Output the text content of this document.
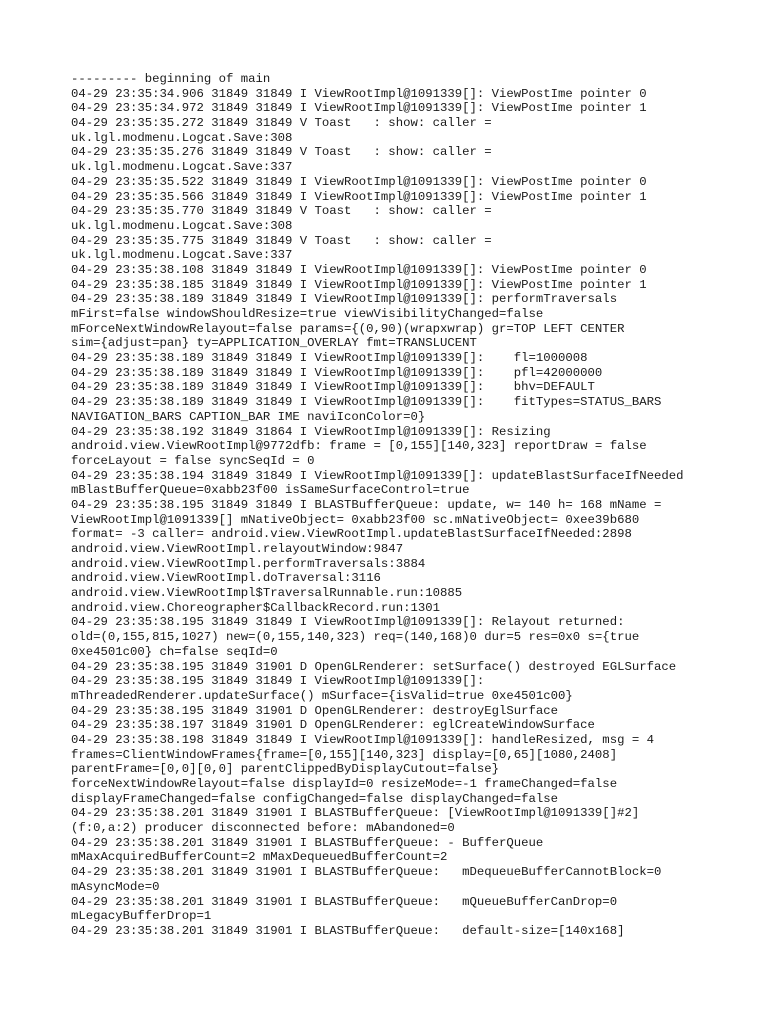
--------- beginning of main
04-29 23:35:34.906 31849 31849 I ViewRootImpl@1091339[]: ViewPostIme pointer 0
04-29 23:35:34.972 31849 31849 I ViewRootImpl@1091339[]: ViewPostIme pointer 1
04-29 23:35:35.272 31849 31849 V Toast   : show: caller =
uk.lgl.modmenu.Logcat.Save:308
04-29 23:35:35.276 31849 31849 V Toast   : show: caller =
uk.lgl.modmenu.Logcat.Save:337
04-29 23:35:35.522 31849 31849 I ViewRootImpl@1091339[]: ViewPostIme pointer 0
04-29 23:35:35.566 31849 31849 I ViewRootImpl@1091339[]: ViewPostIme pointer 1
04-29 23:35:35.770 31849 31849 V Toast   : show: caller =
uk.lgl.modmenu.Logcat.Save:308
04-29 23:35:35.775 31849 31849 V Toast   : show: caller =
uk.lgl.modmenu.Logcat.Save:337
04-29 23:35:38.108 31849 31849 I ViewRootImpl@1091339[]: ViewPostIme pointer 0
04-29 23:35:38.185 31849 31849 I ViewRootImpl@1091339[]: ViewPostIme pointer 1
04-29 23:35:38.189 31849 31849 I ViewRootImpl@1091339[]: performTraversals
mFirst=false windowShouldResize=true viewVisibilityChanged=false
mForceNextWindowRelayout=false params={(0,90)(wrapxwrap) gr=TOP LEFT CENTER
sim={adjust=pan} ty=APPLICATION_OVERLAY fmt=TRANSLUCENT
04-29 23:35:38.189 31849 31849 I ViewRootImpl@1091339[]:    fl=1000008
04-29 23:35:38.189 31849 31849 I ViewRootImpl@1091339[]:    pfl=42000000
04-29 23:35:38.189 31849 31849 I ViewRootImpl@1091339[]:    bhv=DEFAULT
04-29 23:35:38.189 31849 31849 I ViewRootImpl@1091339[]:    fitTypes=STATUS_BARS
NAVIGATION_BARS CAPTION_BAR IME naviIconColor=0}
04-29 23:35:38.192 31849 31864 I ViewRootImpl@1091339[]: Resizing
android.view.ViewRootImpl@9772dfb: frame = [0,155][140,323] reportDraw = false
forceLayout = false syncSeqId = 0
04-29 23:35:38.194 31849 31849 I ViewRootImpl@1091339[]: updateBlastSurfaceIfNeeded
mBlastBufferQueue=0xabb23f00 isSameSurfaceControl=true
04-29 23:35:38.195 31849 31849 I BLASTBufferQueue: update, w= 140 h= 168 mName =
ViewRootImpl@1091339[] mNativeObject= 0xabb23f00 sc.mNativeObject= 0xee39b680
format= -3 caller= android.view.ViewRootImpl.updateBlastSurfaceIfNeeded:2898
android.view.ViewRootImpl.relayoutWindow:9847
android.view.ViewRootImpl.performTraversals:3884
android.view.ViewRootImpl.doTraversal:3116
android.view.ViewRootImpl$TraversalRunnable.run:10885
android.view.Choreographer$CallbackRecord.run:1301
04-29 23:35:38.195 31849 31849 I ViewRootImpl@1091339[]: Relayout returned:
old=(0,155,815,1027) new=(0,155,140,323) req=(140,168)0 dur=5 res=0x0 s={true
0xe4501c00} ch=false seqId=0
04-29 23:35:38.195 31849 31901 D OpenGLRenderer: setSurface() destroyed EGLSurface
04-29 23:35:38.195 31849 31849 I ViewRootImpl@1091339[]:
mThreadedRenderer.updateSurface() mSurface={isValid=true 0xe4501c00}
04-29 23:35:38.195 31849 31901 D OpenGLRenderer: destroyEglSurface
04-29 23:35:38.197 31849 31901 D OpenGLRenderer: eglCreateWindowSurface
04-29 23:35:38.198 31849 31849 I ViewRootImpl@1091339[]: handleResized, msg = 4
frames=ClientWindowFrames{frame=[0,155][140,323] display=[0,65][1080,2408]
parentFrame=[0,0][0,0] parentClippedByDisplayCutout=false}
forceNextWindowRelayout=false displayId=0 resizeMode=-1 frameChanged=false
displayFrameChanged=false configChanged=false displayChanged=false
04-29 23:35:38.201 31849 31901 I BLASTBufferQueue: [ViewRootImpl@1091339[]#2]
(f:0,a:2) producer disconnected before: mAbandoned=0
04-29 23:35:38.201 31849 31901 I BLASTBufferQueue: - BufferQueue
mMaxAcquiredBufferCount=2 mMaxDequeuedBufferCount=2
04-29 23:35:38.201 31849 31901 I BLASTBufferQueue:   mDequeueBufferCannotBlock=0
mAsyncMode=0
04-29 23:35:38.201 31849 31901 I BLASTBufferQueue:   mQueueBufferCanDrop=0
mLegacyBufferDrop=1
04-29 23:35:38.201 31849 31901 I BLASTBufferQueue:   default-size=[140x168]
